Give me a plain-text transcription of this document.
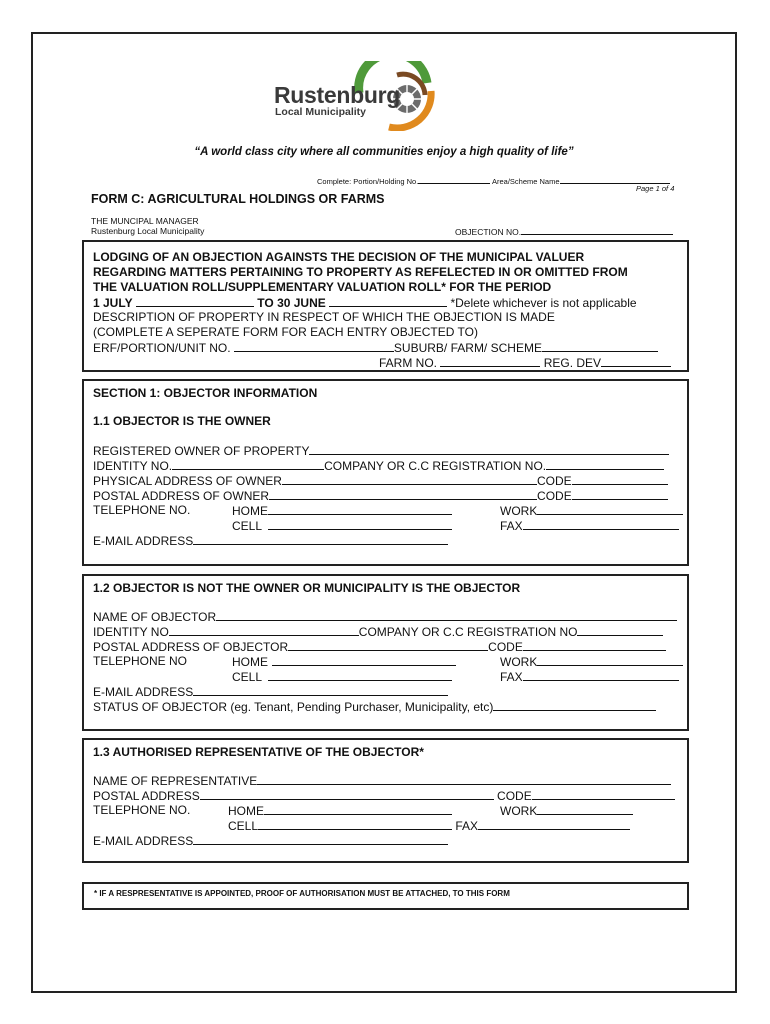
Rustenburg
Local Municipality
“A world class city where all communities enjoy a high quality of life”
Complete: Portion/Holding No.	Area/Scheme Name
Page 1 of 4
FORM C: AGRICULTURAL HOLDINGS OR FARMS
THE MUNCIPAL MANAGER
Rustenburg Local Municipality	OBJECTION NO.
LODGING OF AN OBJECTION AGAINSTS THE DECISION OF THE MUNICIPAL VALUER
REGARDING MATTERS PERTAINING TO PROPERTY AS REFELECTED IN OR OMITTED FROM
THE VALUATION ROLL/SUPPLEMENTARY VALUATION ROLL* FOR THE PERIOD
1 JULY	TO 30 JUNE	*Delete whichever is not applicable
DESCRIPTION OF PROPERTY IN RESPECT OF WHICH THE OBJECTION IS MADE
(COMPLETE A SEPERATE FORM FOR EACH ENTRY OBJECTED TO)
ERF/PORTION/UNIT NO.	SUBURB/ FARM/ SCHEME
FARM NO.	REG. DEV
SECTION 1: OBJECTOR INFORMATION
1.1 OBJECTOR IS THE OWNER
REGISTERED OWNER OF PROPERTY
IDENTITY NO.	COMPANY OR C.C REGISTRATION NO.
PHYSICAL ADDRESS OF OWNER	CODE
POSTAL ADDRESS OF OWNER	CODE
TELEPHONE NO.	HOME	WORK
CELL	FAX
E-MAIL ADDRESS
1.2 OBJECTOR IS NOT THE OWNER OR MUNICIPALITY IS THE OBJECTOR
NAME OF OBJECTOR
IDENTITY NO	COMPANY OR C.C REGISTRATION NO
POSTAL ADDRESS OF OBJECTOR	CODE
TELEPHONE NO	HOME	WORK
CELL	FAX
E-MAIL ADDRESS
STATUS OF OBJECTOR (eg. Tenant, Pending Purchaser, Municipality, etc)
1.3 AUTHORISED REPRESENTATIVE OF THE OBJECTOR*
NAME OF REPRESENTATIVE
POSTAL ADDRESS	CODE
TELEPHONE NO.	HOME	WORK
CELL	FAX
E-MAIL ADDRESS
* IF A RESPRESENTATIVE IS APPOINTED, PROOF OF AUTHORISATION MUST BE ATTACHED, TO THIS FORM
